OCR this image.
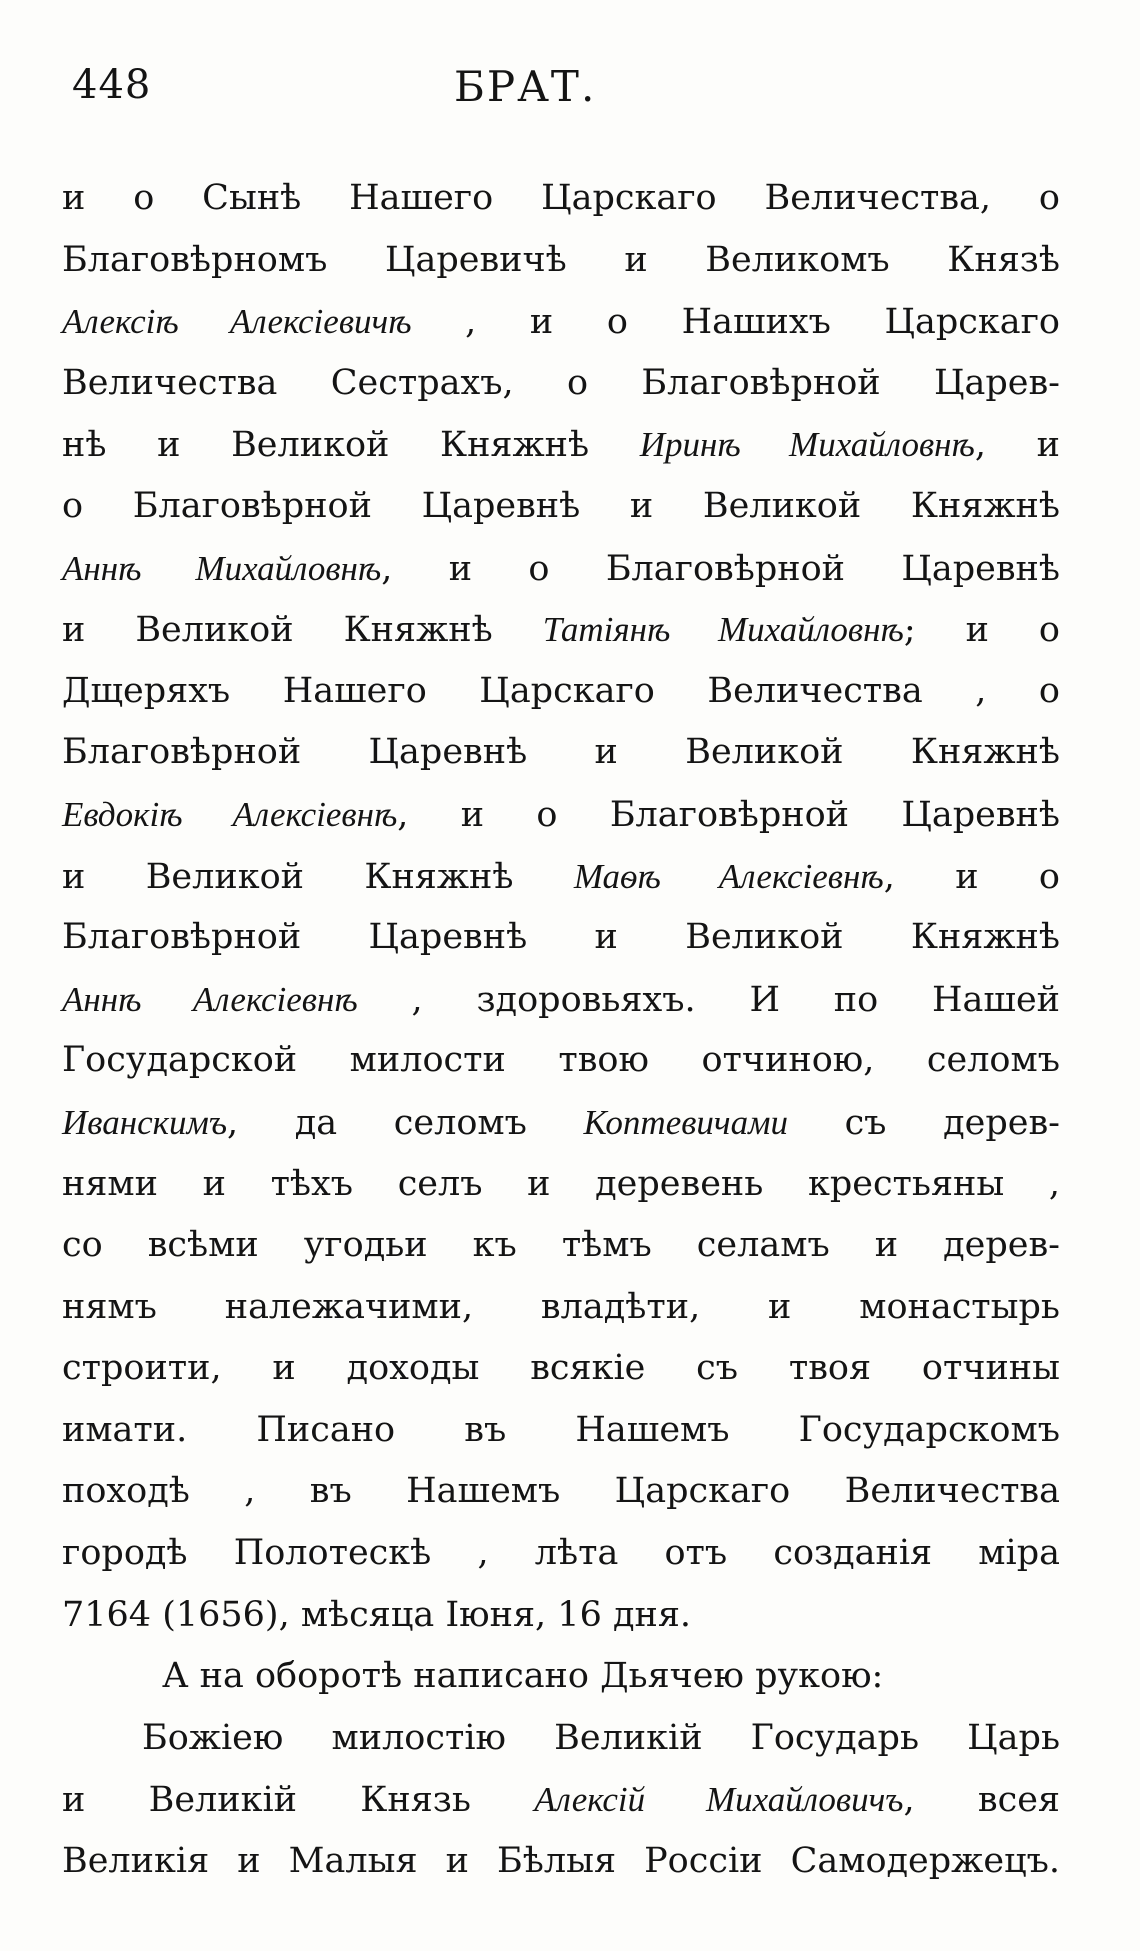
448	БРАТ.
и о Сынѣ Нашего Царскаго Величества, о
Благовѣрномъ Царевичѣ и Великомъ Князѣ
Алексіѣ Алексіевичѣ , и о Нашихъ Царскаго
Величества Сестрахъ, о Благовѣрной Царев-
нѣ и Великой Княжнѣ Иринѣ Михайловнѣ, и
о Благовѣрной Царевнѣ и Великой Княжнѣ
Аннѣ Михайловнѣ, и о Благовѣрной Царевнѣ
и Великой Княжнѣ Татіянѣ Михайловнѣ; и о
Дщеряхъ Нашего Царскаго Величества , о
Благовѣрной Царевнѣ и Великой Княжнѣ
Евдокіѣ Алексіевнѣ, и о Благовѣрной Царевнѣ
и Великой Княжнѣ Маѳѣ Алексіевнѣ, и о
Благовѣрной Царевнѣ и Великой Княжнѣ
Аннѣ Алексіевнѣ , здоровьяхъ. И по Нашей
Государской милости твою отчиною, селомъ
Иванскимъ, да селомъ Коптевичами съ дерев-
нями и тѣхъ селъ и деревень крестьяны ,
со всѣми угодьи къ тѣмъ селамъ и дерев-
нямъ належачими, владѣти, и монастырь
строити, и доходы всякіе съ твоя отчины
имати. Писано въ Нашемъ Государскомъ
походѣ , въ Нашемъ Царскаго Величества
городѣ Полотескѣ , лѣта отъ созданія міра
7164 (1656), мѣсяца Іюня, 16 дня.
А на оборотѣ написано Дьячею рукою:
Божіею милостію Великій Государь Царь
и Великій Князь Алексій Михайловичъ, всея
Великія и Малыя и Бѣлыя Россіи Самодержецъ.
